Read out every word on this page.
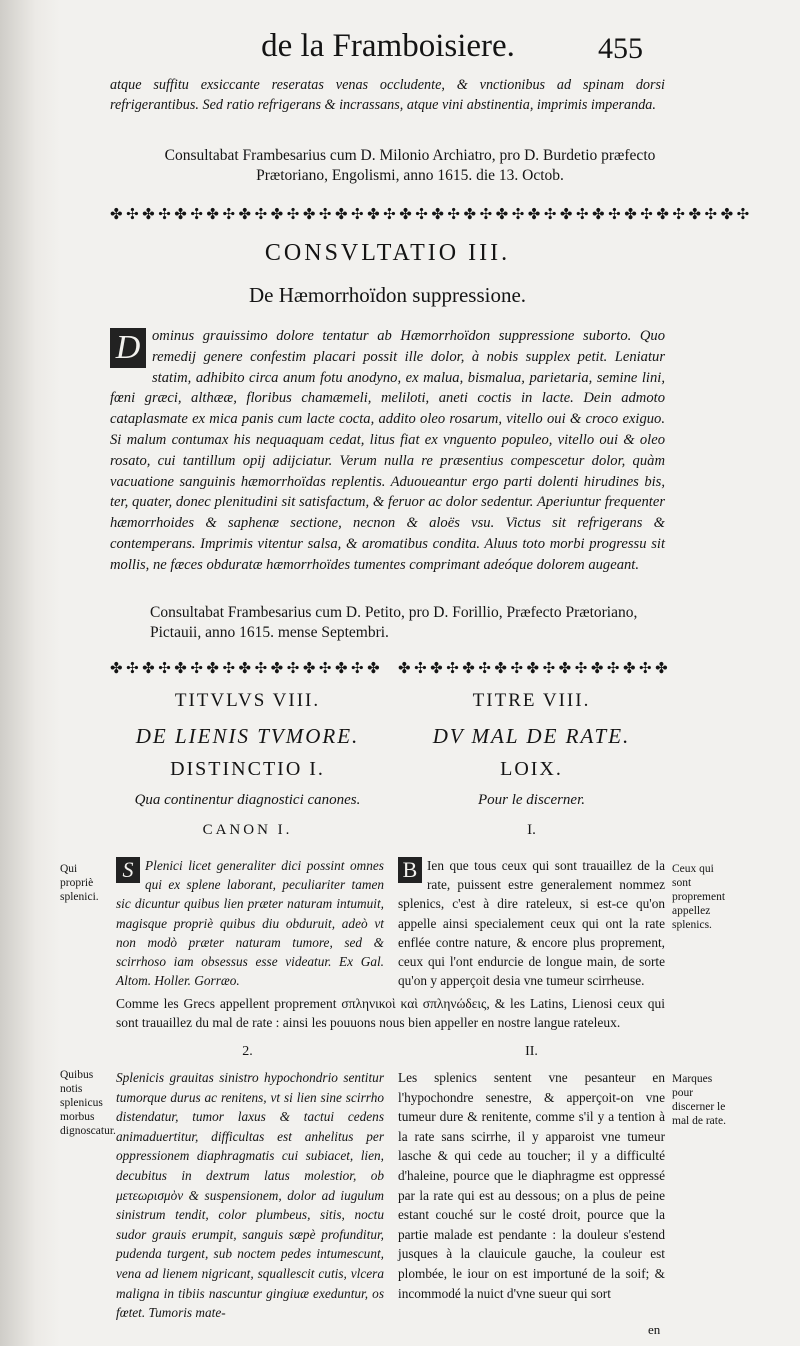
de la Framboisiere.	455
atque suffitu exsiccante reseratas venas occludente, & vnctionibus ad spinam dorsi refrigerantibus. Sed ratio refrigerans & incrassans, atque vini abstinentia, imprimis imperanda.
Consultabat Frambesarius cum D. Milonio Archiatro, pro D. Burdetio præfecto Prætoriano, Engolismi, anno 1615. die 13. Octob.
✤✣✤✣✤✣✤✣✤✣✤✣✤✣✤✣✤✣✤✣✤✣✤✣✤✣✤✣✤✣✤✣✤✣✤✣✤✣✤✣
CONSVLTATIO III.
De Hæmorrhoïdon suppressione.
D ominus grauissimo dolore tentatur ab Hæmorrhoïdon suppressione suborto. Quo remedij genere confestim placari possit ille dolor, à nobis supplex petit. Leniatur statim, adhibito circa anum fotu anodyno, ex malua, bismalua, parietaria, semine lini, fœni græci, althææ, floribus chamæmeli, meliloti, aneti coctis in lacte. Dein admoto cataplasmate ex mica panis cum lacte cocta, addito oleo rosarum, vitello oui & croco exiguo. Si malum contumax his nequaquam cedat, litus fiat ex vnguento populeo, vitello oui & oleo rosato, cui tantillum opij adijciatur. Verum nulla re præsentius compescetur dolor, quàm vacuatione sanguinis hæmorrhoïdas replentis. Aduoueantur ergo parti dolenti hirudines bis, ter, quater, donec plenitudini sit satisfactum, & feruor ac dolor sedentur. Aperiuntur frequenter hæmorrhoides & saphenæ sectione, necnon & aloës vsu. Victus sit refrigerans & contemperans. Imprimis vitentur salsa, & aromatibus condita. Aluus toto morbi progressu sit mollis, ne fæces obduratæ hæmorrhoïdes tumentes comprimant adeóque dolorem augeant.
Consultabat Frambesarius cum D. Petito, pro D. Forillio, Præfecto Prætoriano, Pictauii, anno 1615. mense Septembri.
✤✣✤✣✤✣✤✣✤✣✤✣✤✣✤✣✤ ✤✣✤✣✤✣✤✣✤✣✤✣✤✣✤✣✤
TITVLVS VIII.
DE LIENIS TVMORE.
DISTINCTIO I.
Qua continentur diagnostici canones.
CANON I.
TITRE VIII.
DV MAL DE RATE.
LOIX.
Pour le discerner.
I.
Qui propriè splenici.
Ceux qui sont proprement appellez splenics.
S Plenici licet generaliter dici possint omnes qui ex splene laborant, peculiariter tamen sic dicuntur quibus lien præter naturam intumuit, magisque propriè quibus diu obduruit, adeò vt non modò præter naturam tumore, sed & scirrhoso iam obsessus esse videatur. Ex Gal. Altom. Holler. Gorræo.
B Ien que tous ceux qui sont trauaillez de la rate, puissent estre generalement nommez splenics, c'est à dire rateleux, si est-ce qu'on appelle ainsi specialement ceux qui ont la rate enflée contre nature, & encore plus proprement, ceux qui l'ont endurcie de longue main, de sorte qu'on y apperçoit desia vne tumeur scirrheuse.
Comme les Grecs appellent proprement σπληνικοὶ καὶ σπληνώδεις, & les Latins, Lienosi ceux qui sont trauaillez du mal de rate : ainsi les pouuons nous bien appeller en nostre langue rateleux.
2.	II.
Quibus notis splenicus morbus dignoscatur.
Marques pour discerner le mal de rate.
Splenicis grauitas sinistro hypochondrio sentitur tumorque durus ac renitens, vt si lien sine scirrho distendatur, tumor laxus & tactui cedens animaduertitur, difficultas est anhelitus per oppressionem diaphragmatis cui subiacet, lien, decubitus in dextrum latus molestior, ob μετεωρισμὸν & suspensionem, dolor ad iugulum sinistrum tendit, color plumbeus, sitis, noctu sudor grauis erumpit, sanguis sæpè profunditur, pudenda turgent, sub noctem pedes intumescunt, vena ad lienem nigricant, squallescit cutis, vlcera maligna in tibiis nascuntur gingiuæ exeduntur, os fœtet. Tumoris mate-
Les splenics sentent vne pesanteur en l'hypochondre senestre, & apperçoit-on vne tumeur dure & renitente, comme s'il y a tention à la rate sans scirrhe, il y apparoist vne tumeur lasche & qui cede au toucher; il y a difficulté d'haleine, pource que le diaphragme est oppressé par la rate qui est au dessous; on a plus de peine estant couché sur le costé droit, pource que la partie malade est pendante : la douleur s'estend jusques à la clauicule gauche, la couleur est plombée, le iour on est importuné de la soif; & incommodé la nuict d'vne sueur qui sort
en
